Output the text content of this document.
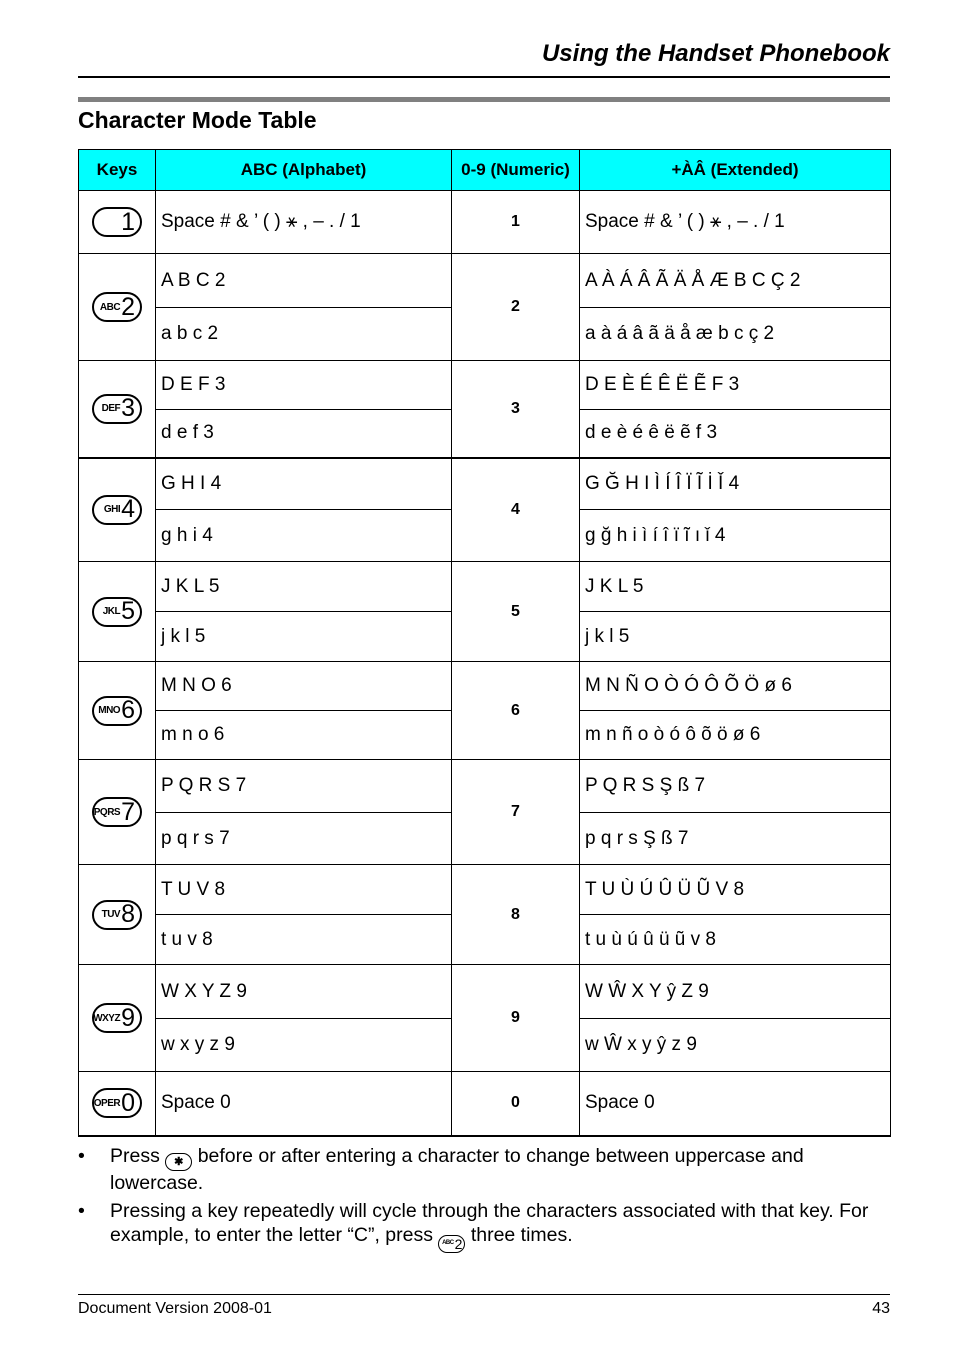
Using the Handset Phonebook
Character Mode Table
Keys	ABC (Alphabet)	0-9 (Numeric)	+ÀÂ (Extended)

1	Space # & ’ ( ) ⚹ , – . / 1	1	Space # & ’ ( ) ⚹ , – . / 1

ABC 2	A B C 2	2	A À Á Â Ã Ä Å Æ B C Ç 2
	a b c 2		a à á â ã ä å æ b c ç 2

DEF 3	D E F 3	3	D E È É Ê Ë Ẽ F 3
	d e f 3		d e è é ê ë ẽ f 3

GHI 4	G H I 4	4	G Ğ H I Ì Í Î Ï Ĩ İ Ǐ 4
	g h i 4		g ğ h i ì í î ï ĩ ı ǐ 4

JKL 5	J K L 5	5	J K L 5
	j k l 5		j k l 5

MNO 6	M N O 6	6	M N Ñ O Ò Ó Ô Õ Ö ø 6
	m n o 6		m n ñ o ò ó ô õ ö ø 6

PQRS 7	P Q R S 7	7	P Q R S Ş ß 7
	p q r s 7		p q r s Ş ß 7

TUV 8	T U V 8	8	T U Ù Ú Û Ü Ũ V 8
	t u v 8		t u ù ú û ü ũ v 8

WXYZ 9	W X Y Z 9	9	W Ŵ X Y ŷ Z 9
	w x y z 9		w Ŵ x y ŷ z 9

OPER 0	Space 0	0	Space 0
• Press ✱ before or after entering a character to change between uppercase and lowercase.
• Pressing a key repeatedly will cycle through the characters associated with that key. For example, to enter the letter “C”, press ABC 2 three times.
Document Version 2008-01	43
